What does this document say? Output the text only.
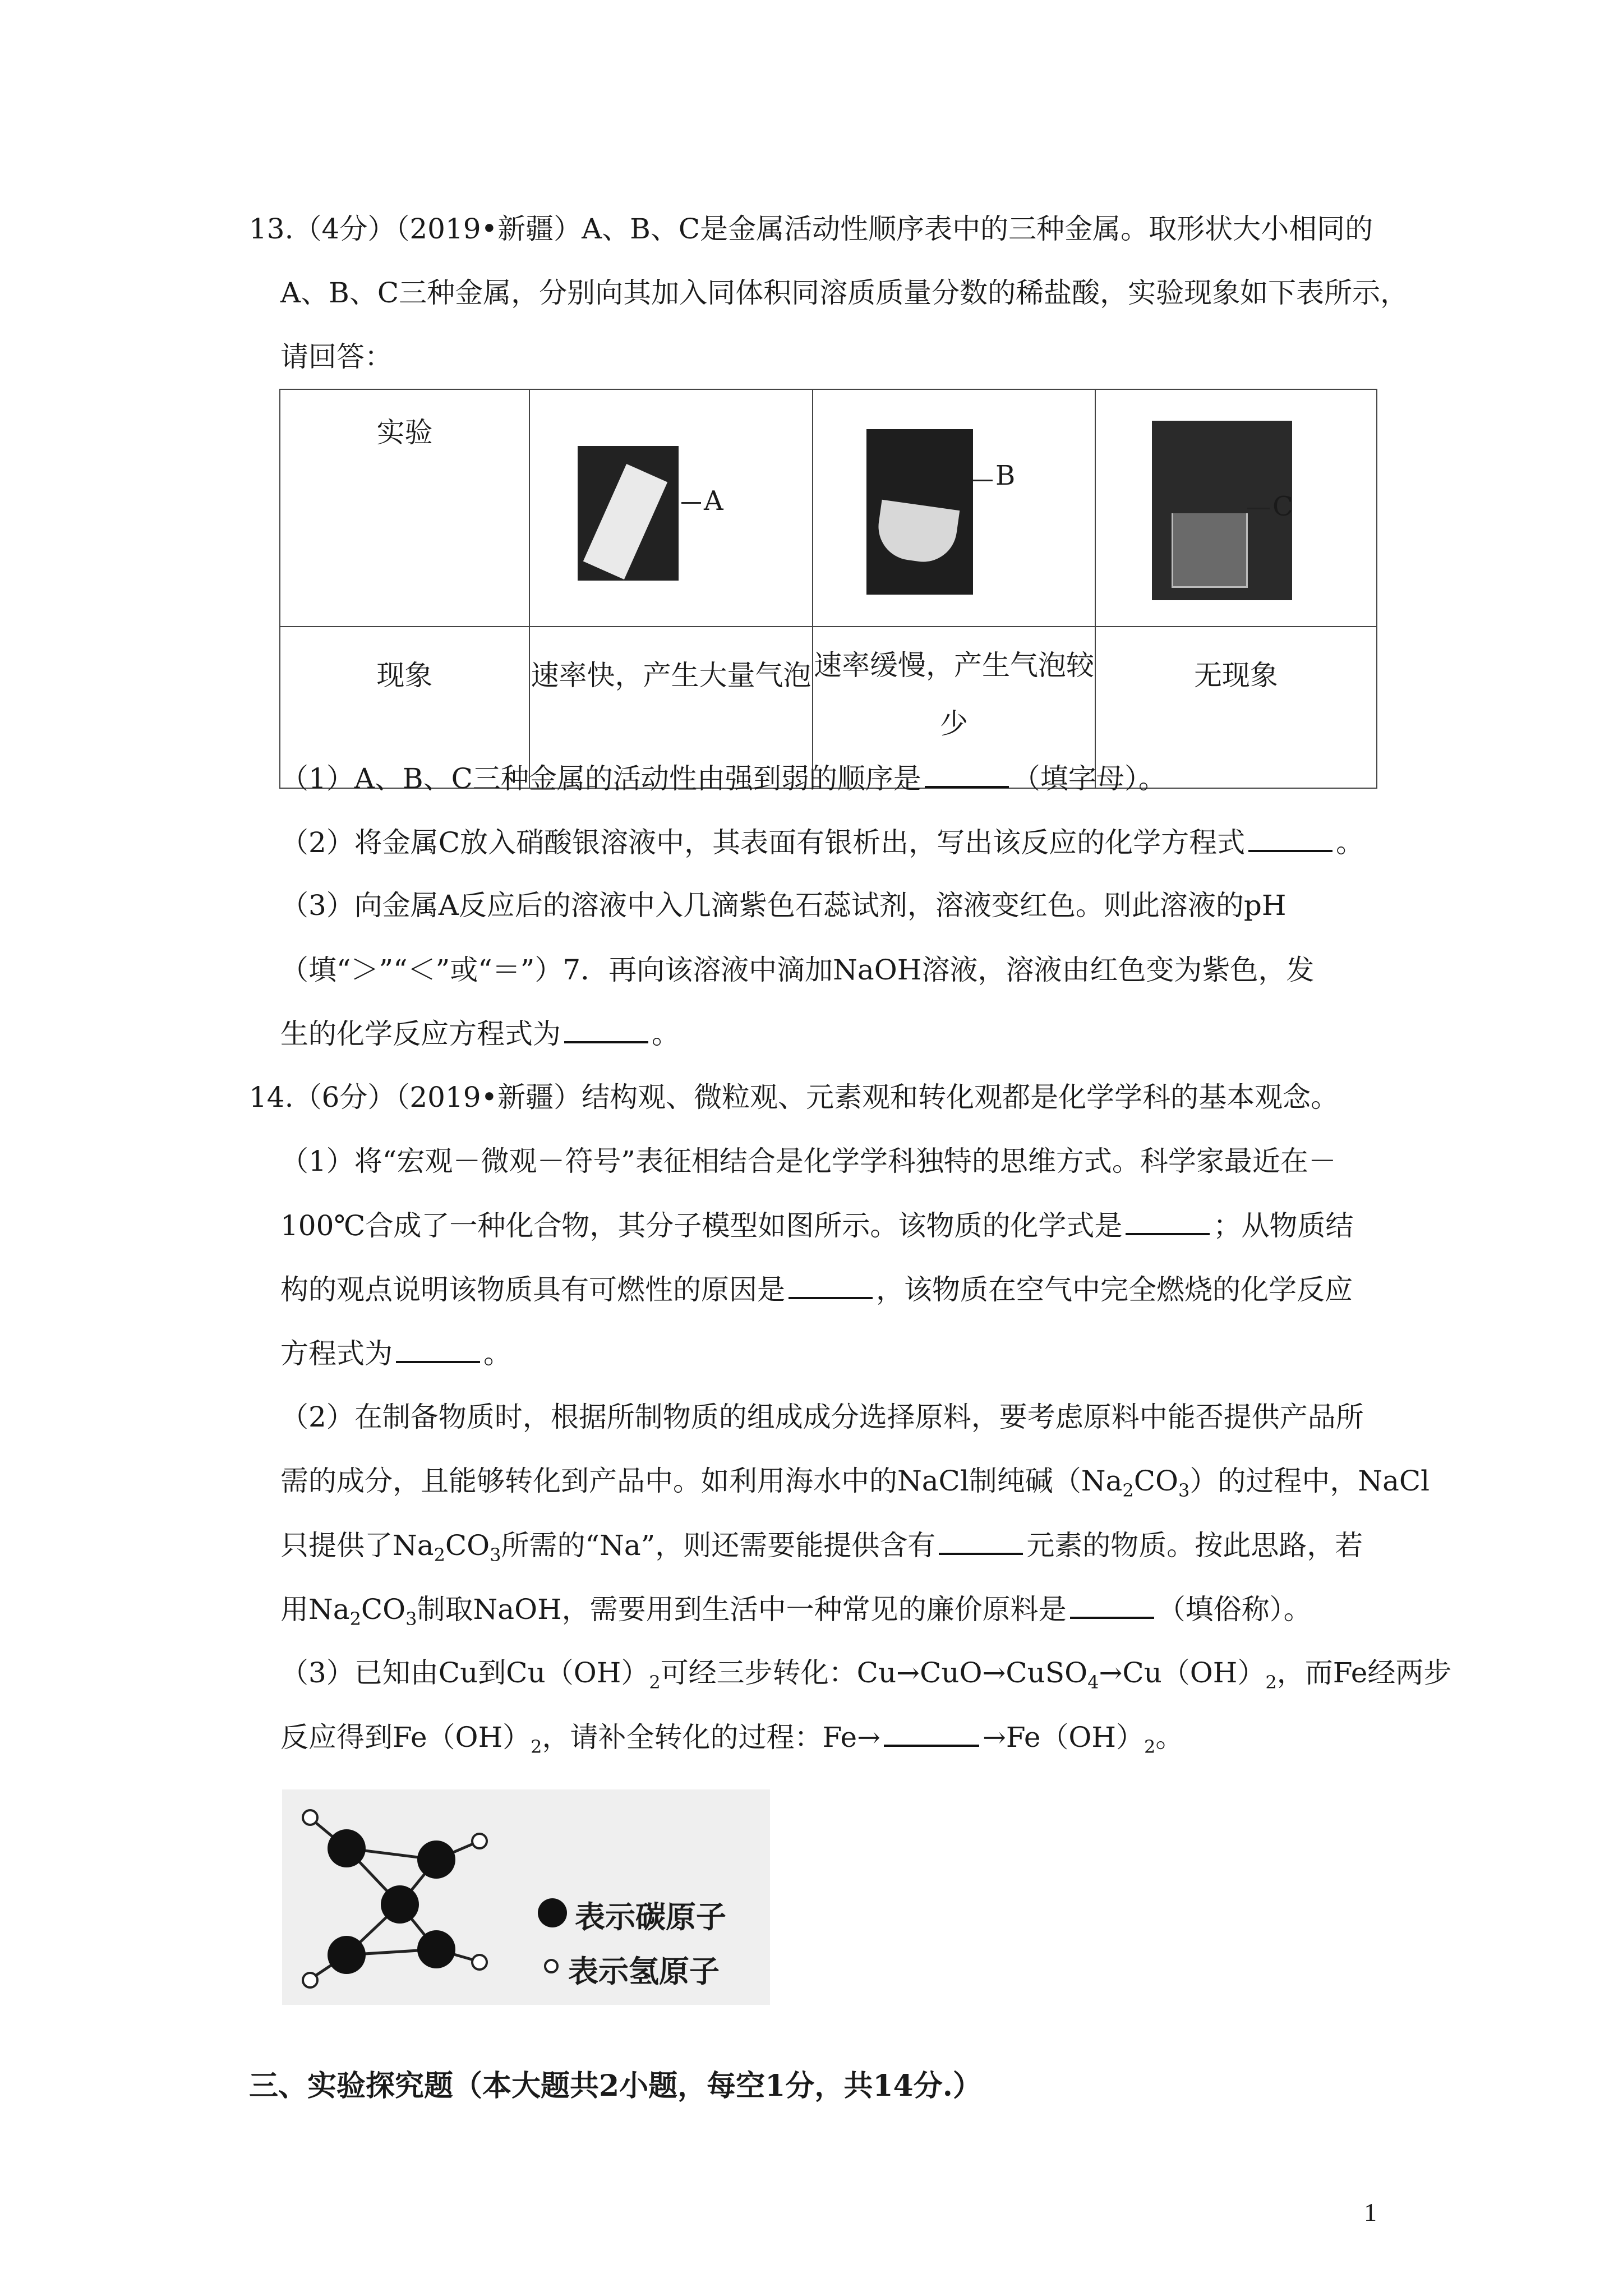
13.（4分）（2019•新疆）A、B、C是金属活动性顺序表中的三种金属。取形状大小相同的
A、B、C三种金属，分别向其加入同体积同溶质质量分数的稀盐酸，实验现象如下表所示，
请回答：
实验	A	B	C

现象	速率快，产生大量气泡	速率缓慢，产生气泡较少	无现象
（1）A、B、C三种金属的活动性由强到弱的顺序是	（填字母）。
（2）将金属C放入硝酸银溶液中，其表面有银析出，写出该反应的化学方程式	。
（3）向金属A反应后的溶液中入几滴紫色石蕊试剂，溶液变红色。则此溶液的pH
（填“＞”“＜”或“＝”）7．再向该溶液中滴加NaOH溶液，溶液由红色变为紫色，发
生的化学反应方程式为	。
14.（6分）（2019•新疆）结构观、微粒观、元素观和转化观都是化学学科的基本观念。
（1）将“宏观－微观－符号”表征相结合是化学学科独特的思维方式。科学家最近在－
100℃合成了一种化合物，其分子模型如图所示。该物质的化学式是	；从物质结
构的观点说明该物质具有可燃性的原因是	，该物质在空气中完全燃烧的化学反应
方程式为	。
（2）在制备物质时，根据所制物质的组成成分选择原料，要考虑原料中能否提供产品所
需的成分，且能够转化到产品中。如利用海水中的NaCl制纯碱$(Na_2CO_3)$的过程中，NaCl
只提供了$Na_2CO_3$所需的“Na”，则还需要能提供含有	元素的物质。按此思路，若
用$Na_2CO_3$制取NaOH，需要用到生活中一种常见的廉价原料是	（填俗称）。
（3）已知由Cu到$Cu(OH)_2$可经三步转化：$Cu\to CuO\to CuSO_4\to Cu(OH)_2$，而Fe经两步
反应得到$Fe(OH)_2$，请补全转化的过程：Fe→	$\to Fe(OH)_2$。
表示碳原子
表示氢原子
三、实验探究题（本大题共2小题，每空1分，共14分.）
1
